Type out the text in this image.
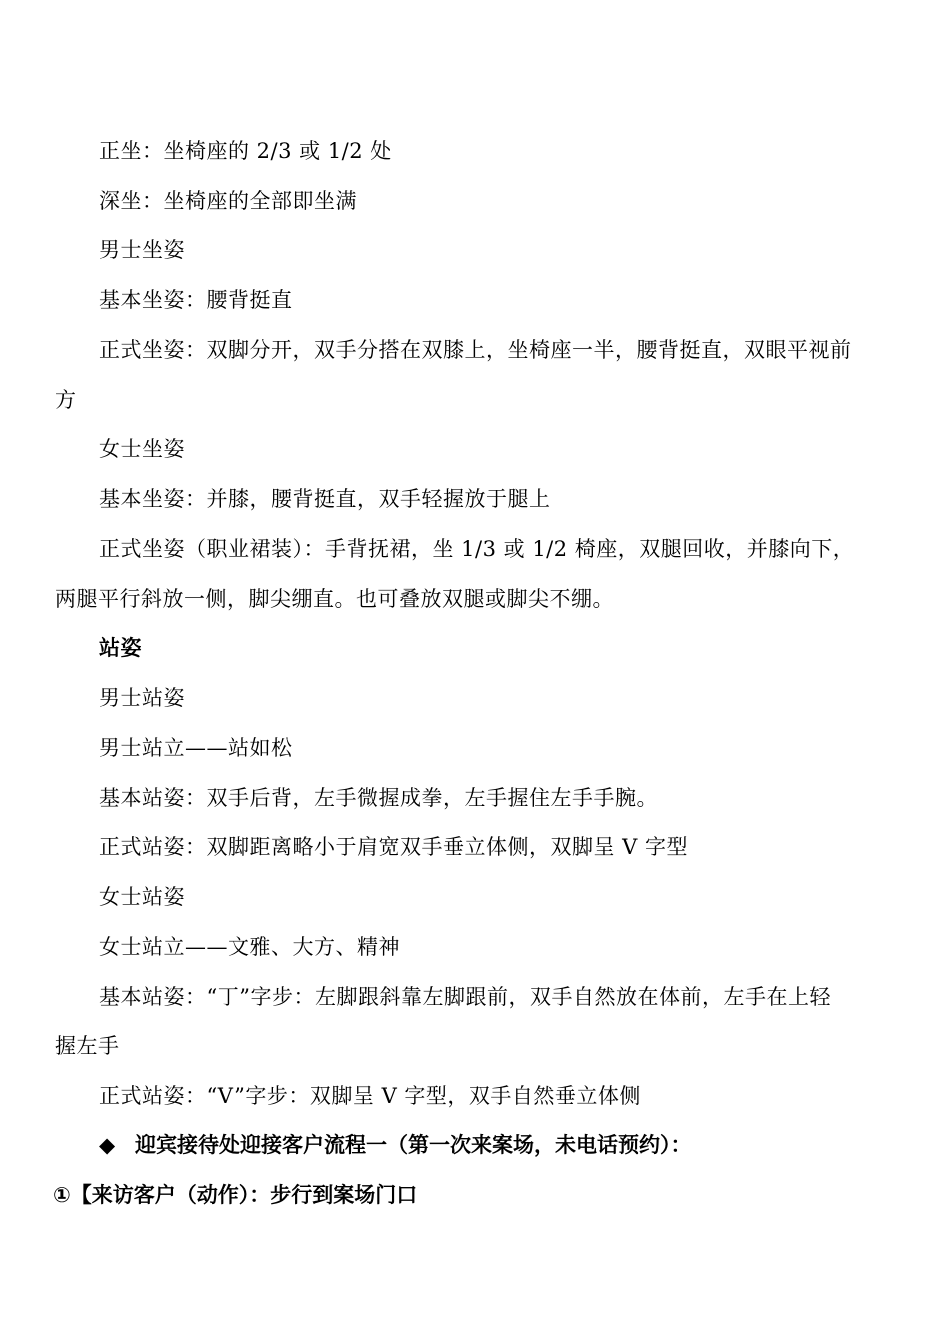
正坐：坐椅座的 2/3 或 1/2 处
深坐：坐椅座的全部即坐满
男士坐姿
基本坐姿：腰背挺直
正式坐姿：双脚分开，双手分搭在双膝上，坐椅座一半，腰背挺直，双眼平视前
方
女士坐姿
基本坐姿：并膝，腰背挺直，双手轻握放于腿上
正式坐姿（职业裙装）：手背抚裙，坐 1/3 或 1/2 椅座，双腿回收，并膝向下，
两腿平行斜放一侧，脚尖绷直。也可叠放双腿或脚尖不绷。
站姿
男士站姿
男士站立——站如松
基本站姿：双手后背，左手微握成拳，左手握住左手手腕。
正式站姿：双脚距离略小于肩宽双手垂立体侧，双脚呈 V 字型
女士站姿
女士站立——文雅、大方、精神
基本站姿：“丁”字步：左脚跟斜靠左脚跟前，双手自然放在体前，左手在上轻
握左手
正式站姿：“V”字步：双脚呈 V 字型，双手自然垂立体侧
◆ 迎宾接待处迎接客户流程一（第一次来案场，未电话预约）：
①【来访客户（动作）：步行到案场门口
